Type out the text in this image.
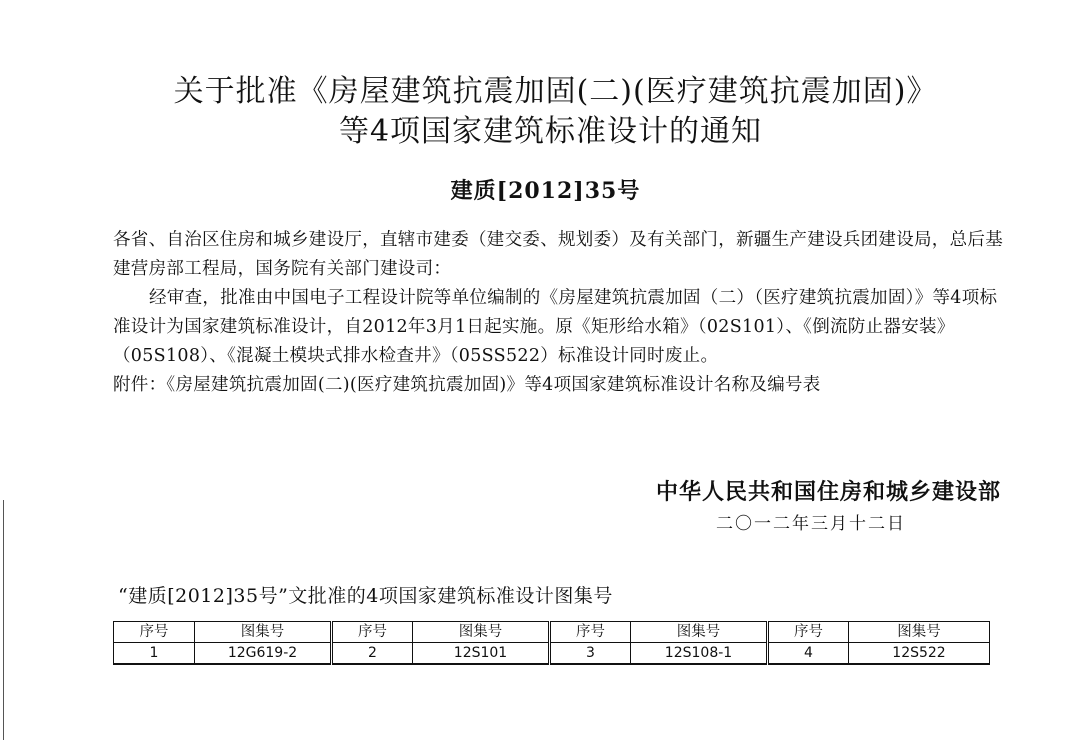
关于批准《房屋建筑抗震加固(二)(医疗建筑抗震加固)》
等4项国家建筑标准设计的通知
建质[2012]35号

各省、自治区住房和城乡建设厅，直辖市建委（建交委、规划委）及有关部门，新疆生产建设兵团建设局，总后基建营房部工程局，国务院有关部门建设司：

经审查，批准由中国电子工程设计院等单位编制的《房屋建筑抗震加固（二）（医疗建筑抗震加固）》等4项标准设计为国家建筑标准设计，自2012年3月1日起实施。原《矩形给水箱》（02S101）、《倒流防止器安装》（05S108）、《混凝土模块式排水检查井》（05SS522）标准设计同时废止。

附件：《房屋建筑抗震加固(二)(医疗建筑抗震加固)》等4项国家建筑标准设计名称及编号表

中华人民共和国住房和城乡建设部
二〇一二年三月十二日
“建质[2012]35号”文批准的4项国家建筑标准设计图集号
序号	图集号	序号	图集号	序号	图集号	序号	图集号
1	12G619-2	2	12S101	3	12S108-1	4	12S522
